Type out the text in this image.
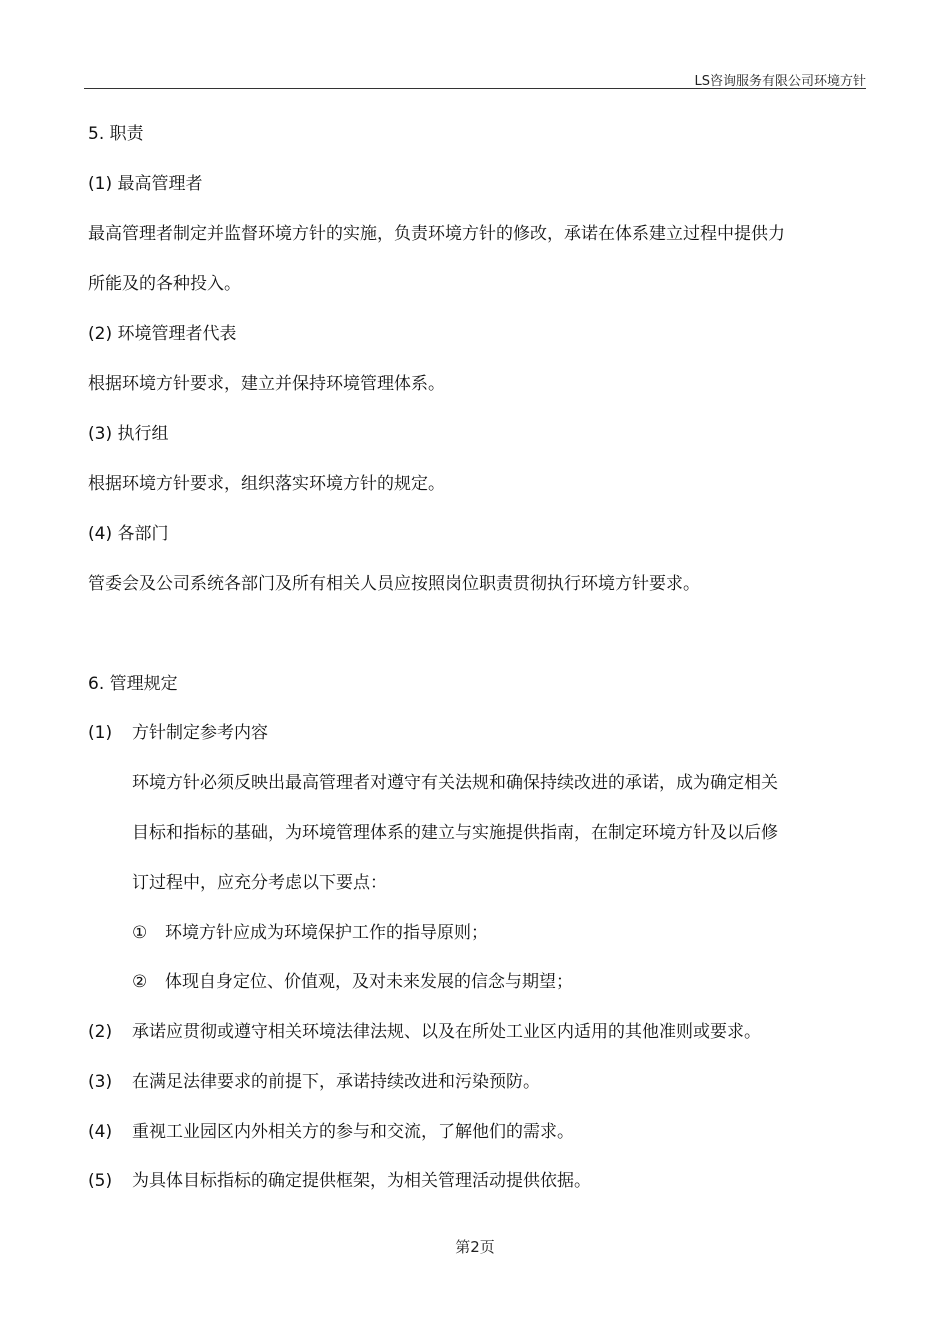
LS咨询服务有限公司环境方针
5. 职责
(1) 最高管理者
最高管理者制定并监督环境方针的实施，负责环境方针的修改，承诺在体系建立过程中提供力
所能及的各种投入。
(2) 环境管理者代表
根据环境方针要求，建立并保持环境管理体系。
(3) 执行组
根据环境方针要求，组织落实环境方针的规定。
(4) 各部门
管委会及公司系统各部门及所有相关人员应按照岗位职责贯彻执行环境方针要求。
6. 管理规定
(1) 方针制定参考内容
环境方针必须反映出最高管理者对遵守有关法规和确保持续改进的承诺，成为确定相关
目标和指标的基础，为环境管理体系的建立与实施提供指南，在制定环境方针及以后修
订过程中，应充分考虑以下要点：
① 环境方针应成为环境保护工作的指导原则；
② 体现自身定位、价值观，及对未来发展的信念与期望；
(2) 承诺应贯彻或遵守相关环境法律法规、以及在所处工业区内适用的其他准则或要求。
(3) 在满足法律要求的前提下，承诺持续改进和污染预防。
(4) 重视工业园区内外相关方的参与和交流，了解他们的需求。
(5) 为具体目标指标的确定提供框架，为相关管理活动提供依据。
第2页
